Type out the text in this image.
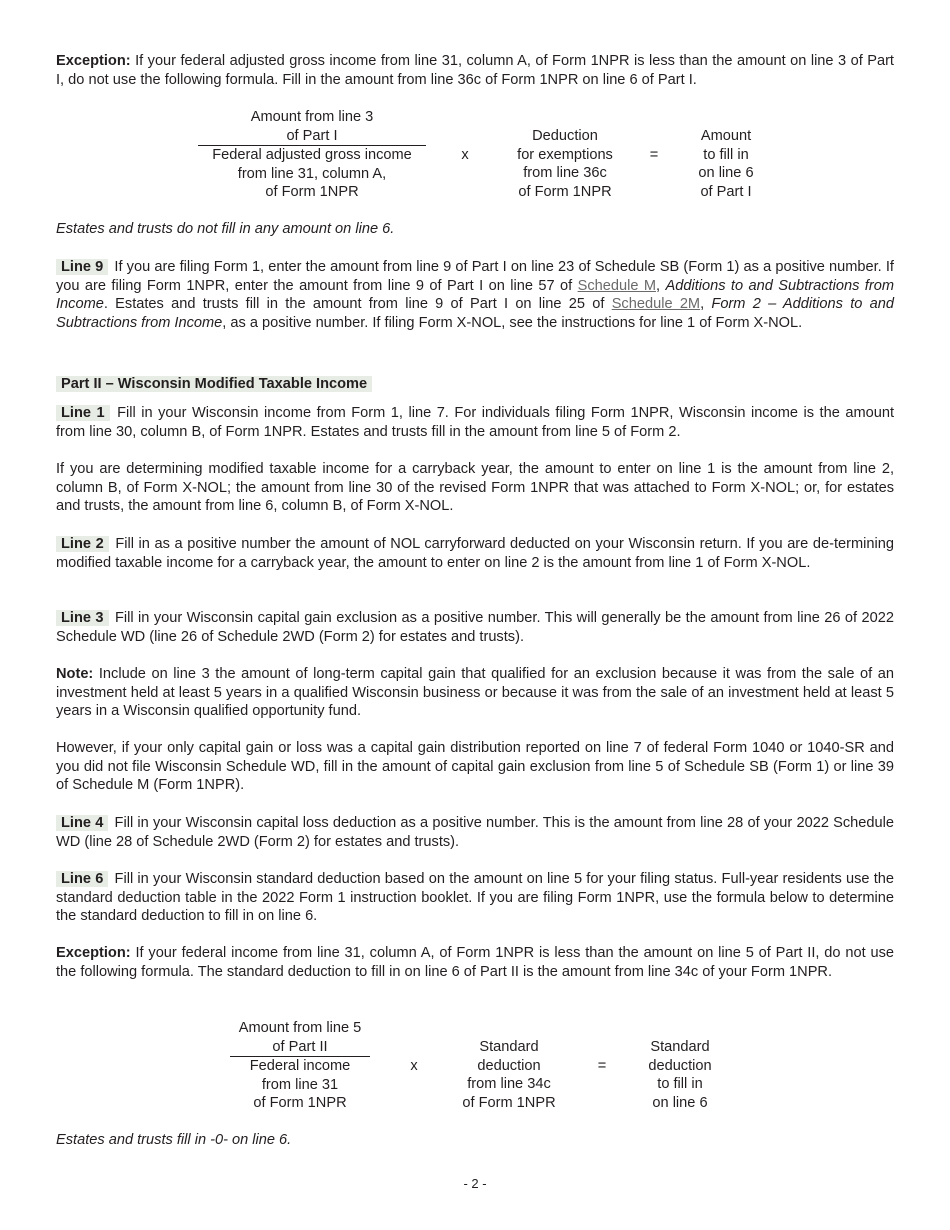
Exception: If your federal adjusted gross income from line 31, column A, of Form 1NPR is less than the amount on line 3 of Part I, do not use the following formula. Fill in the amount from line 36c of Form 1NPR on line 6 of Part I.

Amount from line 3
of Part I
Federal adjusted gross income
from line 31, column A,
of Form 1NPR
x
Deduction
for exemptions
from line 36c
of Form 1NPR
=
Amount
to fill in
on line 6
of Part I

Estates and trusts do not fill in any amount on line 6.

Line 9 If you are filing Form 1, enter the amount from line 9 of Part I on line 23 of Schedule SB (Form 1) as a positive number. If you are filing Form 1NPR, enter the amount from line 9 of Part I on line 57 of Schedule M, Additions to and Subtractions from Income. Estates and trusts fill in the amount from line 9 of Part I on line 25 of Schedule 2M, Form 2 – Additions to and Subtractions from Income, as a positive number. If filing Form X-NOL, see the instructions for line 1 of Form X-NOL.

Part II – Wisconsin Modified Taxable Income

Line 1 Fill in your Wisconsin income from Form 1, line 7. For individuals filing Form 1NPR, Wisconsin income is the amount from line 30, column B, of Form 1NPR. Estates and trusts fill in the amount from line 5 of Form 2.

If you are determining modified taxable income for a carryback year, the amount to enter on line 1 is the amount from line 2, column B, of Form X-NOL; the amount from line 30 of the revised Form 1NPR that was attached to Form X-NOL; or, for estates and trusts, the amount from line 6, column B, of Form X-NOL.

Line 2 Fill in as a positive number the amount of NOL carryforward deducted on your Wisconsin return. If you are de-termining modified taxable income for a carryback year, the amount to enter on line 2 is the amount from line 1 of Form X-NOL.

Line 3 Fill in your Wisconsin capital gain exclusion as a positive number. This will generally be the amount from line 26 of 2022 Schedule WD (line 26 of Schedule 2WD (Form 2) for estates and trusts).

Note: Include on line 3 the amount of long-term capital gain that qualified for an exclusion because it was from the sale of an investment held at least 5 years in a qualified Wisconsin business or because it was from the sale of an investment held at least 5 years in a Wisconsin qualified opportunity fund.

However, if your only capital gain or loss was a capital gain distribution reported on line 7 of federal Form 1040 or 1040-SR and you did not file Wisconsin Schedule WD, fill in the amount of capital gain exclusion from line 5 of Schedule SB (Form 1) or line 39 of Schedule M (Form 1NPR).

Line 4 Fill in your Wisconsin capital loss deduction as a positive number. This is the amount from line 28 of your 2022 Schedule WD (line 28 of Schedule 2WD (Form 2) for estates and trusts).

Line 6 Fill in your Wisconsin standard deduction based on the amount on line 5 for your filing status. Full-year residents use the standard deduction table in the 2022 Form 1 instruction booklet. If you are filing Form 1NPR, use the formula below to determine the standard deduction to fill in on line 6.

Exception: If your federal income from line 31, column A, of Form 1NPR is less than the amount on line 5 of Part II, do not use the following formula. The standard deduction to fill in on line 6 of Part II is the amount from line 34c of your Form 1NPR.

Amount from line 5
of Part II
Federal income
from line 31
of Form 1NPR
x
Standard
deduction
from line 34c
of Form 1NPR
=
Standard
deduction
to fill in
on line 6

Estates and trusts fill in -0- on line 6.

- 2 -
